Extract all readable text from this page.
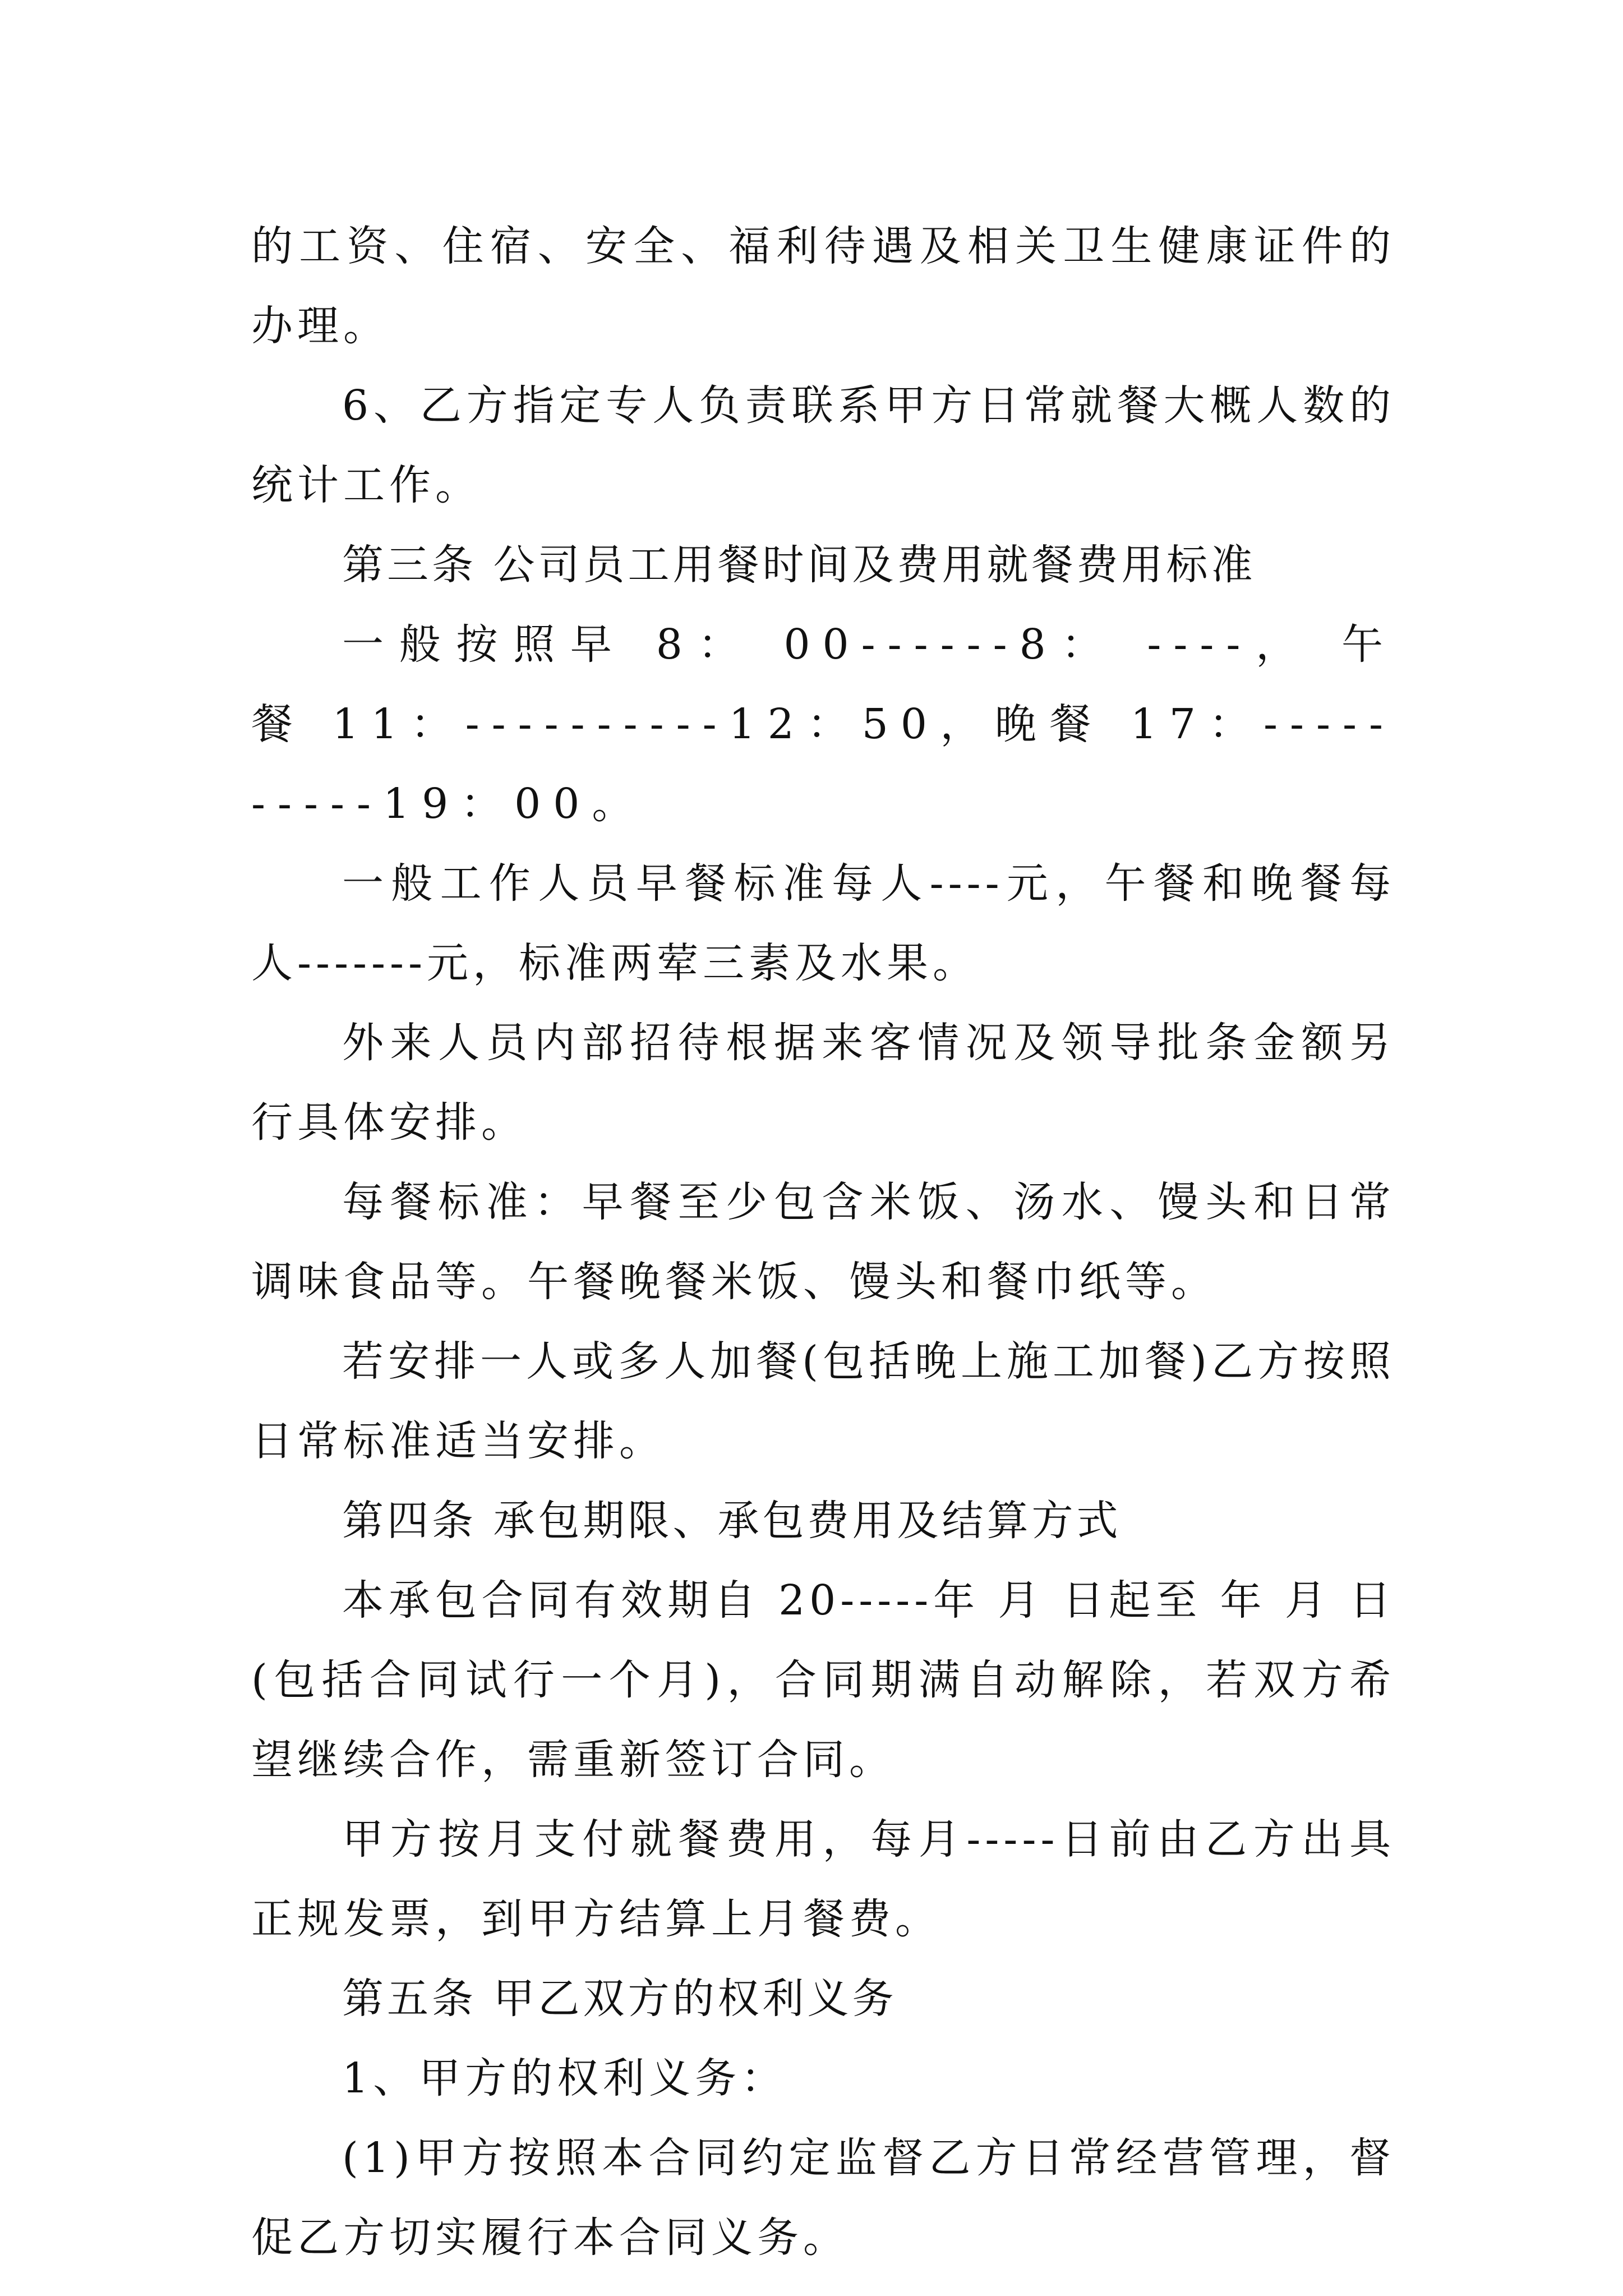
的工资、住宿、安全、福利待遇及相关卫生健康证件的办理。

6、乙方指定专人负责联系甲方日常就餐大概人数的统计工作。

第三条 公司员工用餐时间及费用就餐费用标准

一般按照早 8： 00------8： ----， 午餐 11：----------12：50，晚餐 17：----------19：00。

一般工作人员早餐标准每人----元，午餐和晚餐每人-------元，标准两荤三素及水果。

外来人员内部招待根据来客情况及领导批条金额另行具体安排。

每餐标准：早餐至少包含米饭、汤水、馒头和日常调味食品等。午餐晚餐米饭、馒头和餐巾纸等。

若安排一人或多人加餐(包括晚上施工加餐)乙方按照日常标准适当安排。

第四条 承包期限、承包费用及结算方式

本承包合同有效期自 20-----年 月 日起至 年 月 日(包括合同试行一个月)，合同期满自动解除，若双方希望继续合作，需重新签订合同。

甲方按月支付就餐费用，每月-----日前由乙方出具正规发票，到甲方结算上月餐费。

第五条 甲乙双方的权利义务

1、甲方的权利义务：

(1)甲方按照本合同约定监督乙方日常经营管理，督促乙方切实履行本合同义务。
